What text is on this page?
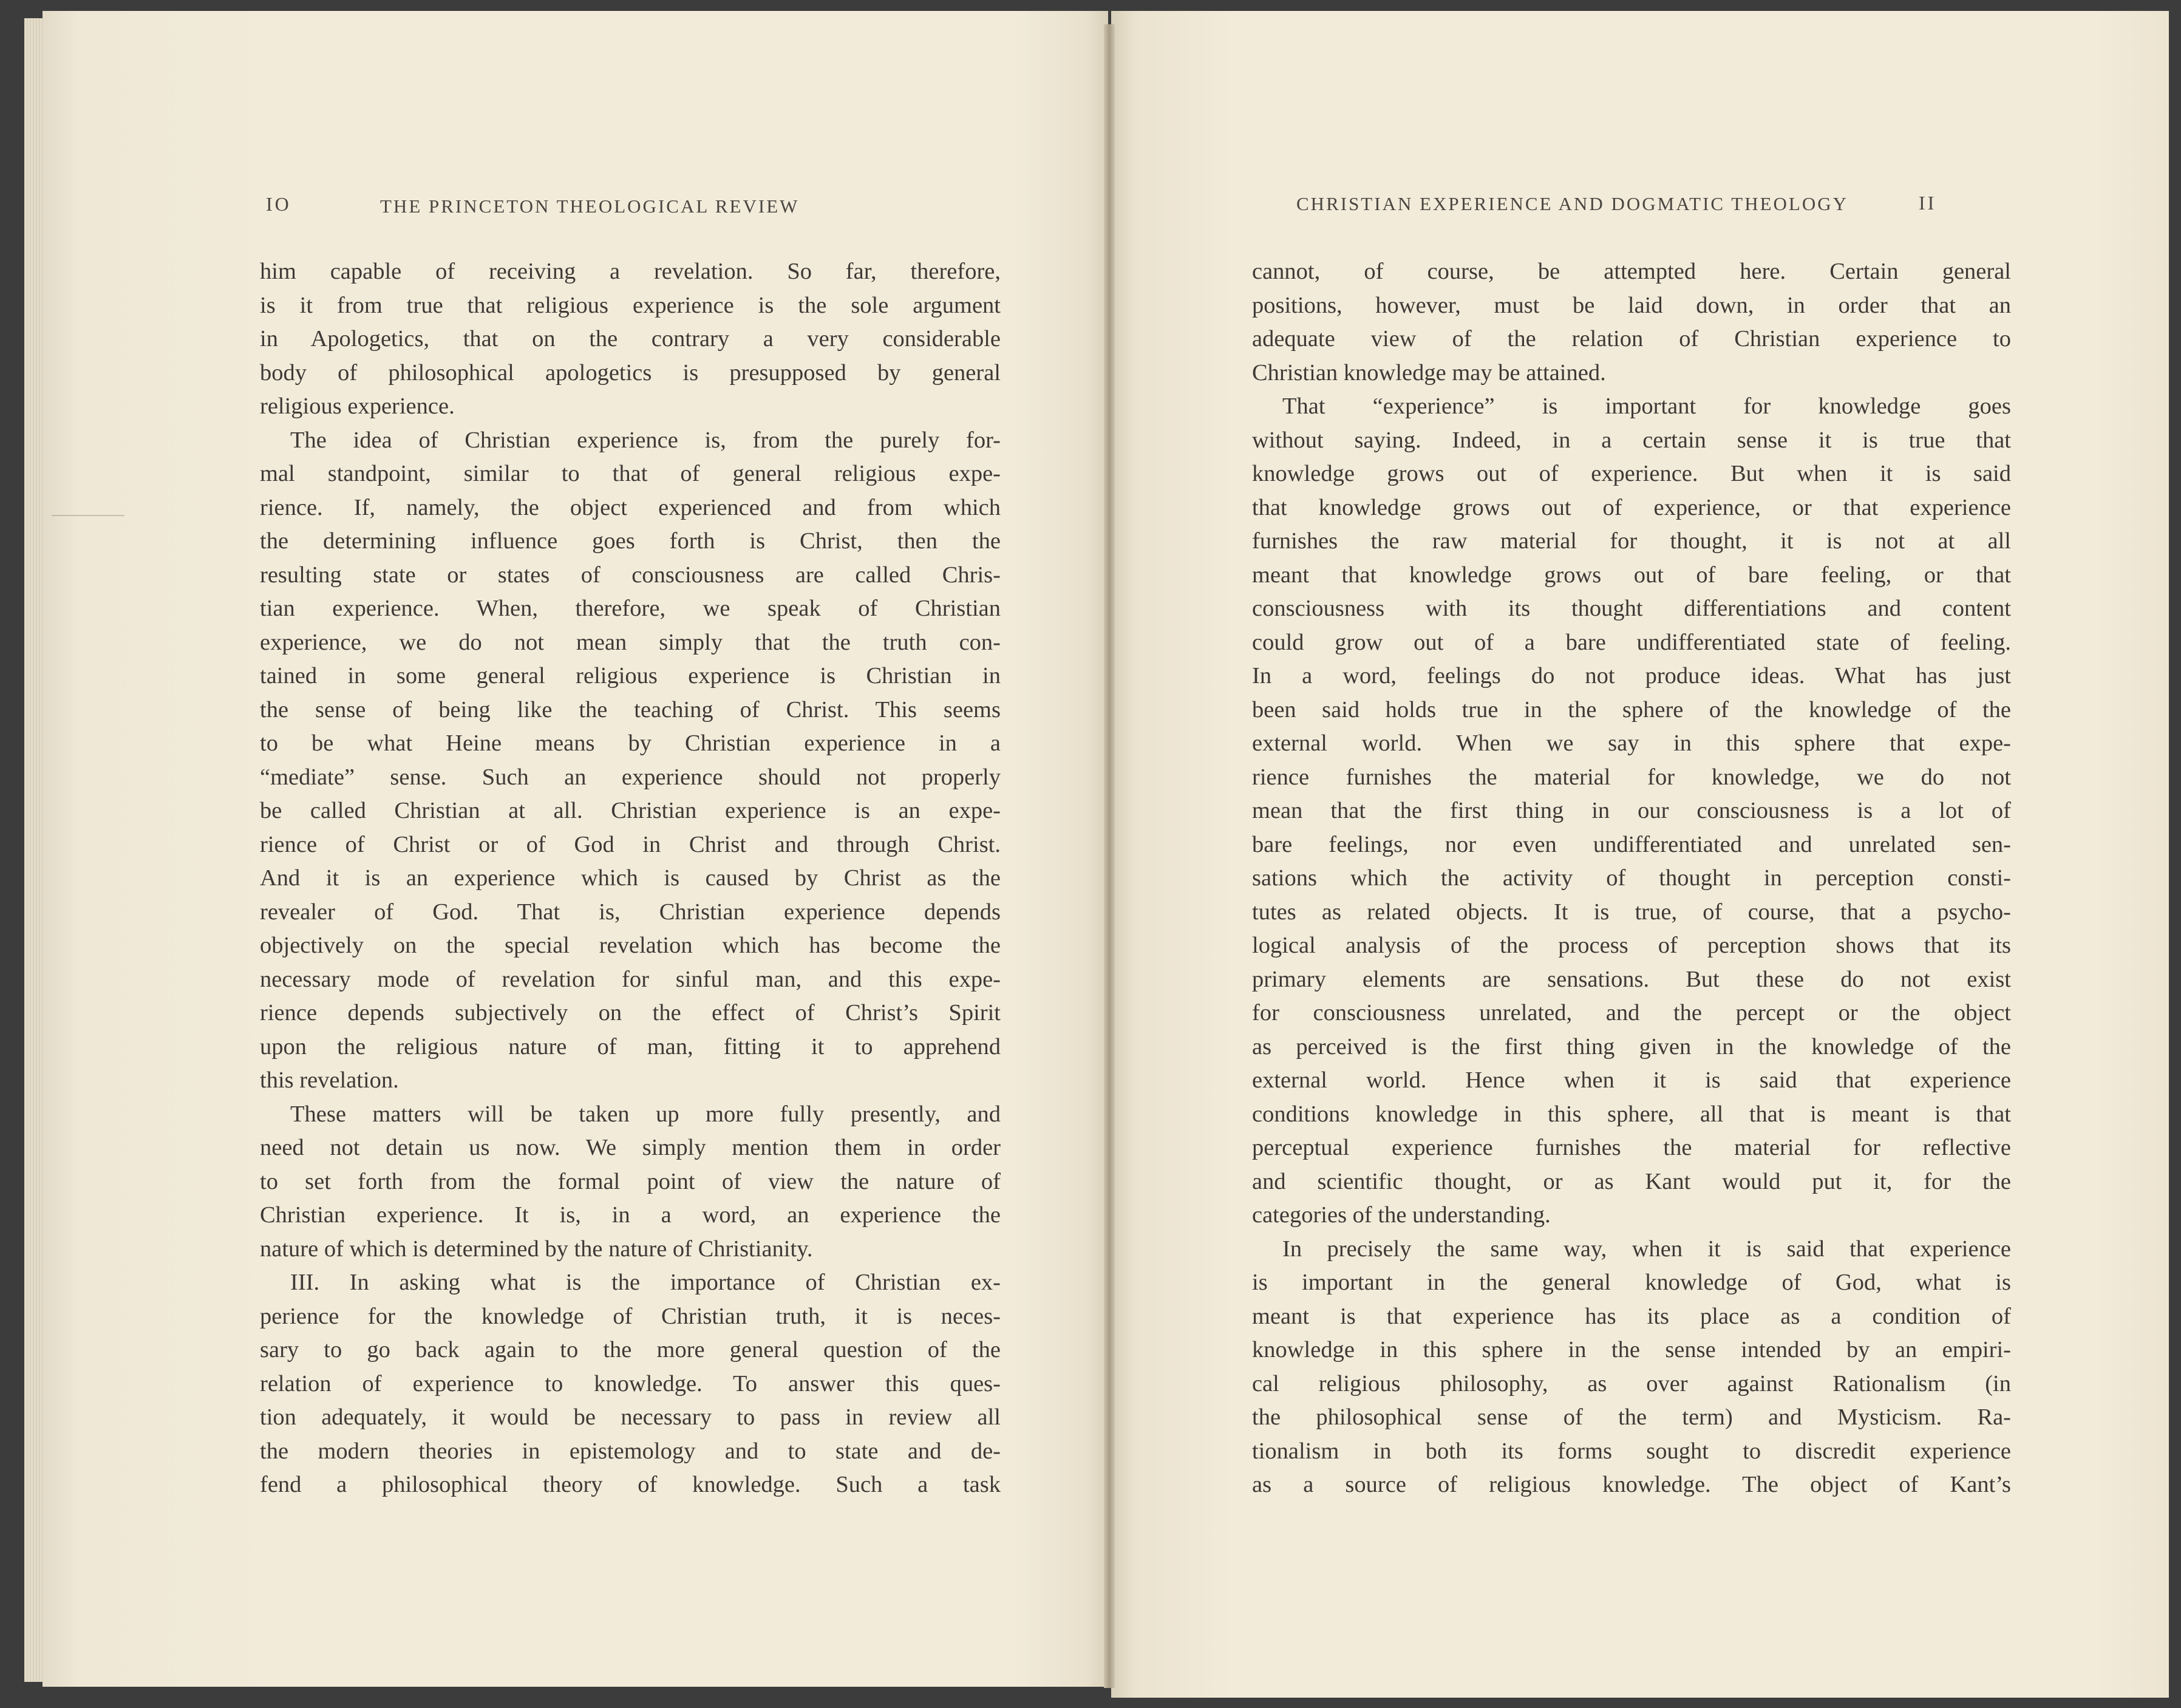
IO	THE PRINCETON THEOLOGICAL REVIEW
him capable of receiving a revelation. So far, therefore,
is it from true that religious experience is the sole argument
in Apologetics, that on the contrary a very considerable
body of philosophical apologetics is presupposed by general
religious experience.
The idea of Christian experience is, from the purely for-
mal standpoint, similar to that of general religious expe-
rience. If, namely, the object experienced and from which
the determining influence goes forth is Christ, then the
resulting state or states of consciousness are called Chris-
tian experience. When, therefore, we speak of Christian
experience, we do not mean simply that the truth con-
tained in some general religious experience is Christian in
the sense of being like the teaching of Christ. This seems
to be what Heine means by Christian experience in a
“mediate” sense. Such an experience should not properly
be called Christian at all. Christian experience is an expe-
rience of Christ or of God in Christ and through Christ.
And it is an experience which is caused by Christ as the
revealer of God. That is, Christian experience depends
objectively on the special revelation which has become the
necessary mode of revelation for sinful man, and this expe-
rience depends subjectively on the effect of Christ’s Spirit
upon the religious nature of man, fitting it to apprehend
this revelation.
These matters will be taken up more fully presently, and
need not detain us now. We simply mention them in order
to set forth from the formal point of view the nature of
Christian experience. It is, in a word, an experience the
nature of which is determined by the nature of Christianity.
III. In asking what is the importance of Christian ex-
perience for the knowledge of Christian truth, it is neces-
sary to go back again to the more general question of the
relation of experience to knowledge. To answer this ques-
tion adequately, it would be necessary to pass in review all
the modern theories in epistemology and to state and de-
fend a philosophical theory of knowledge. Such a task
CHRISTIAN EXPERIENCE AND DOGMATIC THEOLOGY	II
cannot, of course, be attempted here. Certain general
positions, however, must be laid down, in order that an
adequate view of the relation of Christian experience to
Christian knowledge may be attained.
That “experience” is important for knowledge goes
without saying. Indeed, in a certain sense it is true that
knowledge grows out of experience. But when it is said
that knowledge grows out of experience, or that experience
furnishes the raw material for thought, it is not at all
meant that knowledge grows out of bare feeling, or that
consciousness with its thought differentiations and content
could grow out of a bare undifferentiated state of feeling.
In a word, feelings do not produce ideas. What has just
been said holds true in the sphere of the knowledge of the
external world. When we say in this sphere that expe-
rience furnishes the material for knowledge, we do not
mean that the first thing in our consciousness is a lot of
bare feelings, nor even undifferentiated and unrelated sen-
sations which the activity of thought in perception consti-
tutes as related objects. It is true, of course, that a psycho-
logical analysis of the process of perception shows that its
primary elements are sensations. But these do not exist
for consciousness unrelated, and the percept or the object
as perceived is the first thing given in the knowledge of the
external world. Hence when it is said that experience
conditions knowledge in this sphere, all that is meant is that
perceptual experience furnishes the material for reflective
and scientific thought, or as Kant would put it, for the
categories of the understanding.
In precisely the same way, when it is said that experience
is important in the general knowledge of God, what is
meant is that experience has its place as a condition of
knowledge in this sphere in the sense intended by an empiri-
cal religious philosophy, as over against Rationalism (in
the philosophical sense of the term) and Mysticism. Ra-
tionalism in both its forms sought to discredit experience
as a source of religious knowledge. The object of Kant’s
